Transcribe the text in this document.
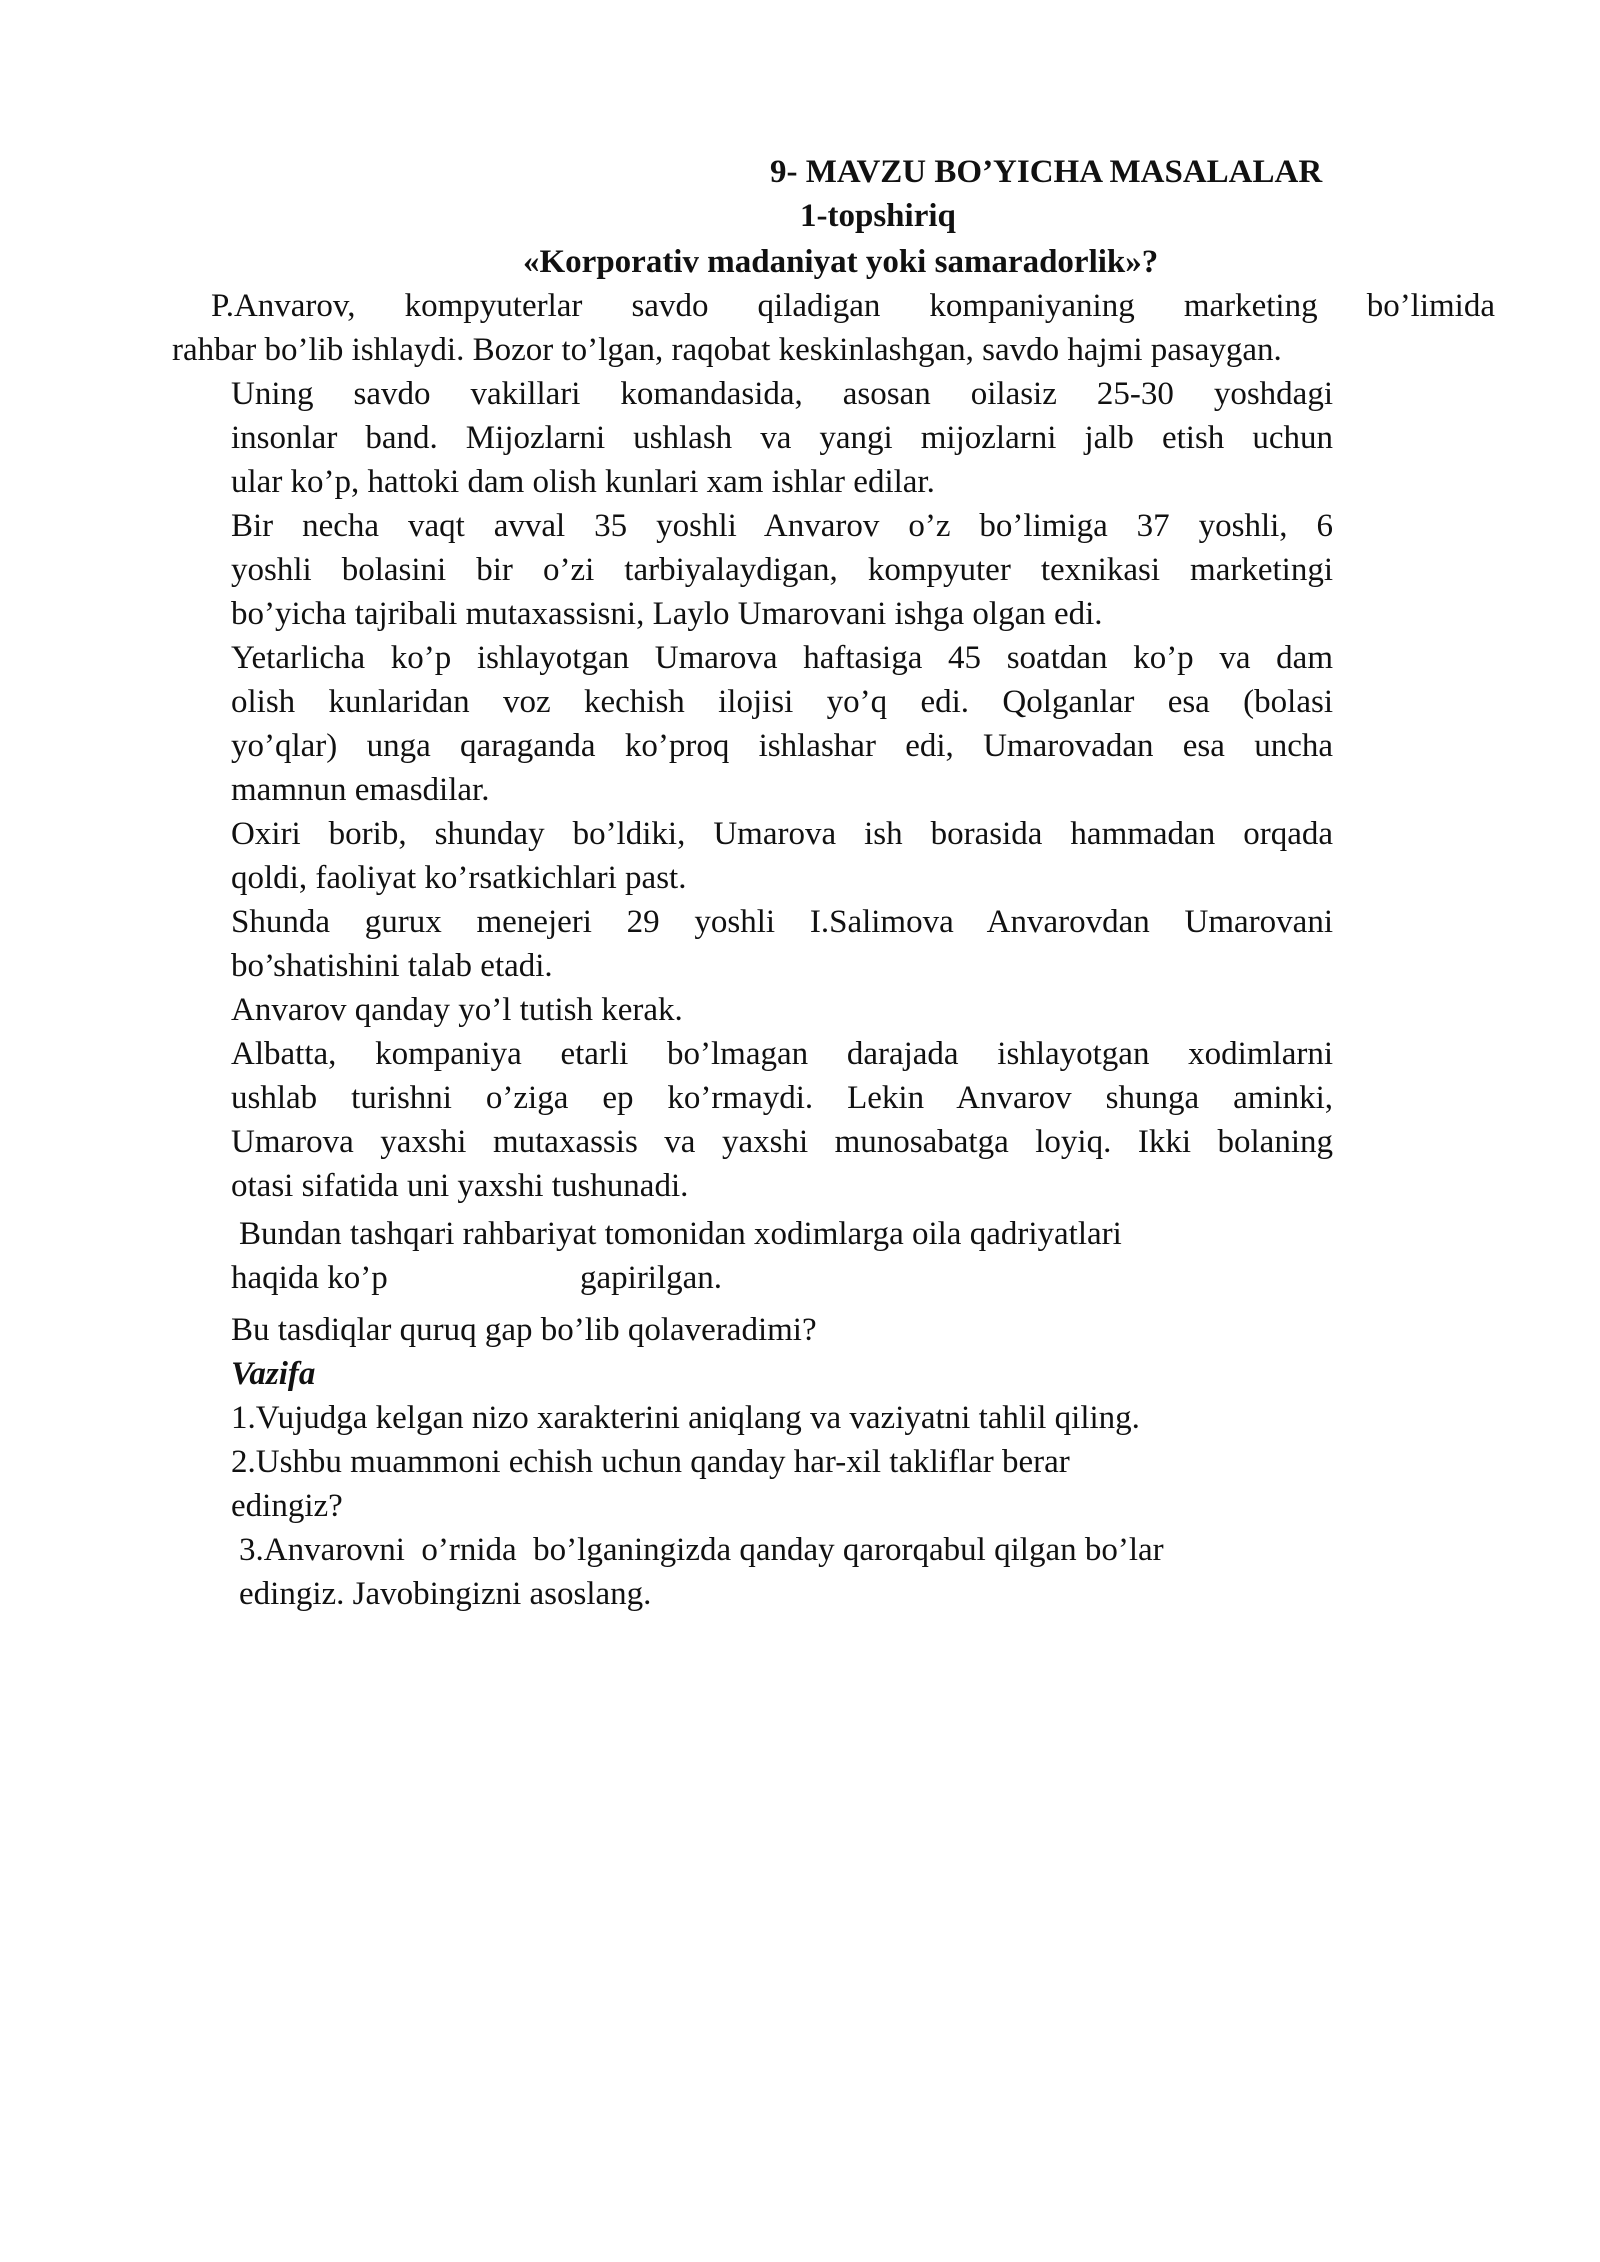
9- MAVZU BO’YICHA MASALALAR
1-topshiriq
«Korporativ madaniyat yoki samaradorlik»?
P.Anvarov, kompyuterlar savdo qiladigan kompaniyaning marketing bo’limida
rahbar bo’lib ishlaydi. Bozor to’lgan, raqobat keskinlashgan, savdo hajmi pasaygan.
Uning savdo vakillari komandasida, asosan oilasiz 25-30 yoshdagi
insonlar band. Mijozlarni ushlash va yangi mijozlarni jalb etish uchun
ular ko’p, hattoki dam olish kunlari xam ishlar edilar.
Bir necha vaqt avval 35 yoshli Anvarov o’z bo’limiga 37 yoshli, 6
yoshli bolasini bir o’zi tarbiyalaydigan, kompyuter texnikasi marketingi
bo’yicha tajribali mutaxassisni, Laylo Umarovani ishga olgan edi.
Yetarlicha ko’p ishlayotgan Umarova haftasiga 45 soatdan ko’p va dam
olish kunlaridan voz kechish ilojisi yo’q edi. Qolganlar esa (bolasi
yo’qlar) unga qaraganda ko’proq ishlashar edi, Umarovadan esa uncha
mamnun emasdilar.
Oxiri borib, shunday bo’ldiki, Umarova ish borasida hammadan orqada
qoldi, faoliyat ko’rsatkichlari past.
Shunda gurux menejeri 29 yoshli I.Salimova Anvarovdan Umarovani
bo’shatishini talab etadi.
Anvarov qanday yo’l tutish kerak.
Albatta, kompaniya etarli bo’lmagan darajada ishlayotgan xodimlarni
ushlab turishni o’ziga ep ko’rmaydi. Lekin Anvarov shunga aminki,
Umarova yaxshi mutaxassis va yaxshi munosabatga loyiq. Ikki bolaning
otasi sifatida uni yaxshi tushunadi.
Bundan tashqari rahbariyat tomonidan xodimlarga oila qadriyatlari
haqida ko’p	gapirilgan.
Bu tasdiqlar quruq gap bo’lib qolaveradimi?
Vazifa
1.Vujudga kelgan nizo xarakterini aniqlang va vaziyatni tahlil qiling.
2.Ushbu muammoni echish uchun qanday har-xil takliflar berar
edingiz?
3.Anvarovni  o’rnida  bo’lganingizda qanday qarorqabul qilgan bo’lar
edingiz. Javobingizni asoslang.
